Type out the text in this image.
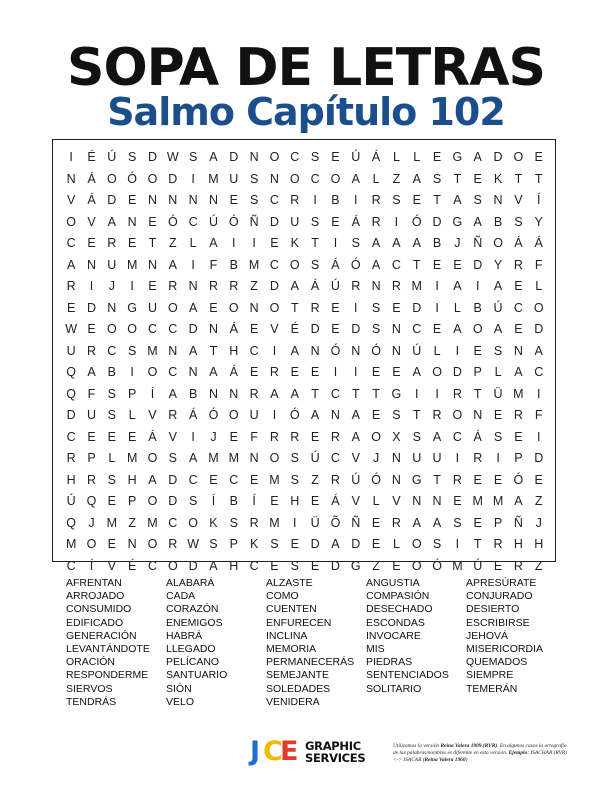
SOPA DE LETRAS
Salmo Capítulo 102
I	É Ú S D W S A D N O C S E Ú Á	L	L	E G A D O E
N Á O Ó O D	I	M U S N O C O A	L	Z A S T E K T	T
V Á D E N N N N E S C R	I	B	I	R S E T A S N V	Í
O V A N E Ó C Ú Ó Ñ D U S E Á R	I	Ó D G A B S Y
C E R E T	Z	L	A	I	I	E K T	I	S A A A B	J	Ñ O Á Á
A N U M N A	I	F B M C O S Á Ó A C T E E D Y R F
R	I	J	I	E R N R R Z D A Á Ú R N R M	I	A	I	A E	L
E D N G U O A E O N O T R E	I	S E D	I	L	B Ú C O
W E O O C C D N Á E V É D E D S N C E A O A E D
U R C S M N A T H C	I	A N Ó N Ó N Ú L	I	E S N A
Q A B	I	O C N A Á E R E E	I	I	E E A O D P	L	A C
Q F S P	Í	A B N N R A A T C T	T G	I	I	R T Ü M	I
D U S	L	V R Á Ó O U	I	Ó A N A E S T R O N E R F
C E E E Á V	I	J	E F R R E R A O X S A C Á S E	I
R P	L M O S A M M N O S Ú C V	J	N U U	I	R	I	P D
H R S H A D C E C E M S Z R Ú Ó N G T R E E Ó E
Ú Q E P O D S	Í	B	Í	E H E Á V	L	V N N E M M A Z
Q J M Z M C O K S R M	I	Ü Õ Ñ E R A A S E P Ñ	J
M O E N O R W S P K S E D A D E	L O S	I	T R H H
C	Í	V É C O D A H C E S E D G Z E O Ó M Ú E R Z
AFRENTAN
ARROJADO
CONSUMIDO
EDIFICADO
GENERACIÓN
LEVANTÁNDOTE
ORACIÓN
RESPONDERME
SIERVOS
TENDRÁS
ALABARÁ
CADA
CORAZÓN
ENEMIGOS
HABRÁ
LLEGADO
PELÍCANO
SANTUARIO
SIÓN
VELO
ALZASTE
COMO
CUENTEN
ENFURECEN
INCLINA
MEMORIA
PERMANECERÁS
SEMEJANTE
SOLEDADES
VENIDERA
ANGUSTIA
COMPASIÓN
DESECHADO
ESCONDAS
INVOCARE
MIS
PIEDRAS
SENTENCIADOS
SOLITARIO
APRESÚRATE
CONJURADO
DESIERTO
ESCRIBIRSE
JEHOVÁ
MISERICORDIA
QUEMADOS
SIEMPRE
TEMERÁN
J C
E GRAPHIC
SERVICES
Utilizamos la versión Reina Valera 1909 (RVR). En algunos casos la ortografía de las palabras/nombres es diferente en esta versión. Ejemplo: ISACHAR (RVR) <-> ISACAR (Reina Valera 1960)
